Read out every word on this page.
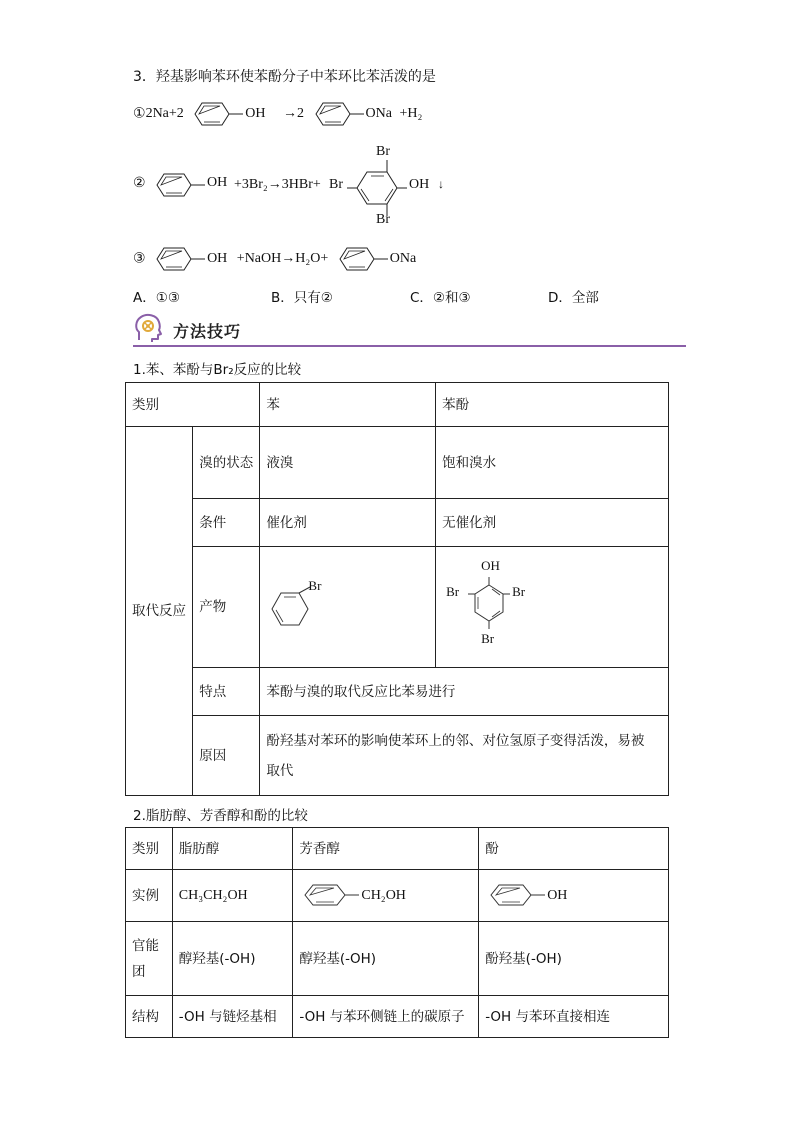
3．羟基影响苯环使苯酚分子中苯环比苯活泼的是
①2Na+2	OH →2	ONa +H₂
②	OH +3Br₂→3HBr+ Br
Br
OH
Br
↓
③	OH +NaOH→H₂O+	ONa
A．①③	B．只有②	C．②和③	D．全部
方法技巧
1.苯、苯酚与Br₂反应的比较
类别		苯	苯酚
取代反应	溴的状态	液溴	饱和溴水
	条件	催化剂	无催化剂
	产物	Br	OH
Br Br
Br

	特点	苯酚与溴的取代反应比苯易进行	
	原因	酚羟基对苯环的影响使苯环上的邻、对位氢原子变得活泼，易被取代	
2.脂肪醇、芳香醇和酚的比较
类别	脂肪醇	芳香醇	酚
实例	CH₃CH₂OH	CH₂OH	OH
官能团	醇羟基(-OH)	醇羟基(-OH)	酚羟基(-OH)
结构	-OH 与链烃基相	-OH 与苯环侧链上的碳原子	-OH 与苯环直接相连
